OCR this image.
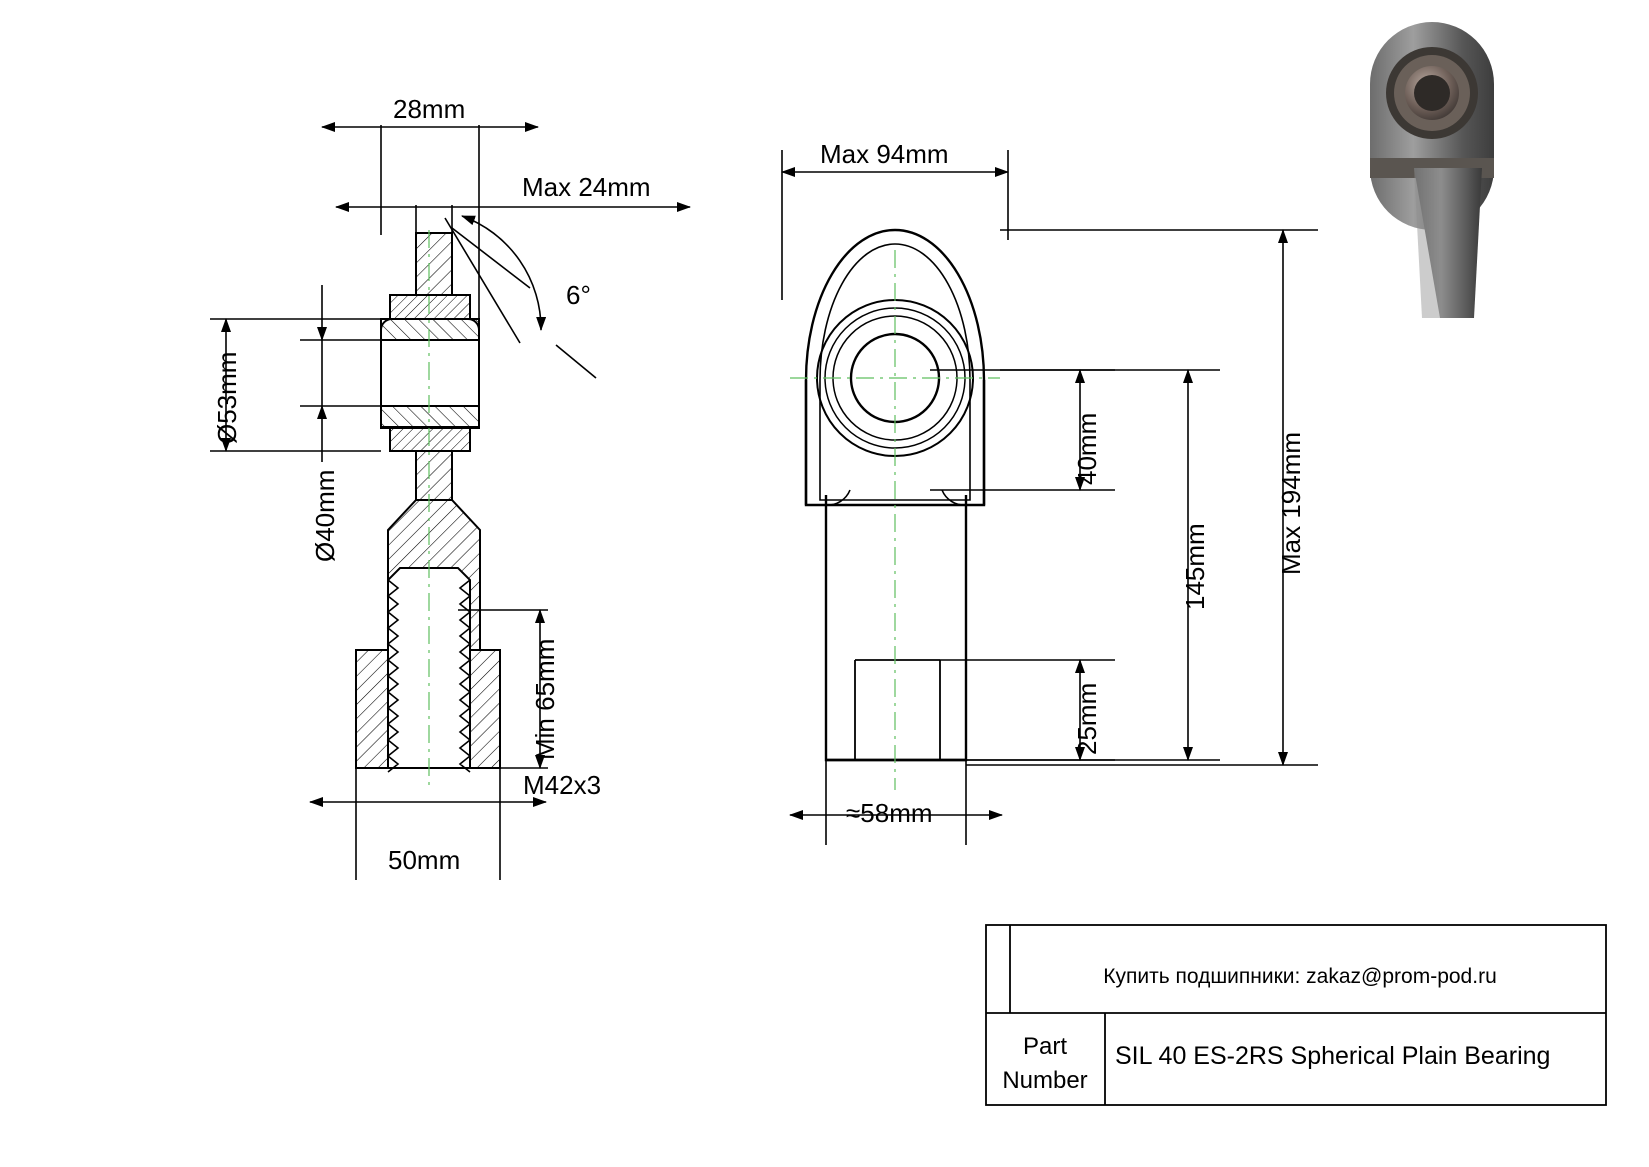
28mm
Max 24mm
6°
Ø53mm
Ø40mm
Min 65mm
M42x3
50mm
Max 94mm
40mm
145mm
25mm
Max 194mm
≈58mm
Купить подшипники: zakaz@prom-pod.ru
Part
Number
SIL 40 ES-2RS Spherical Plain Bearing
